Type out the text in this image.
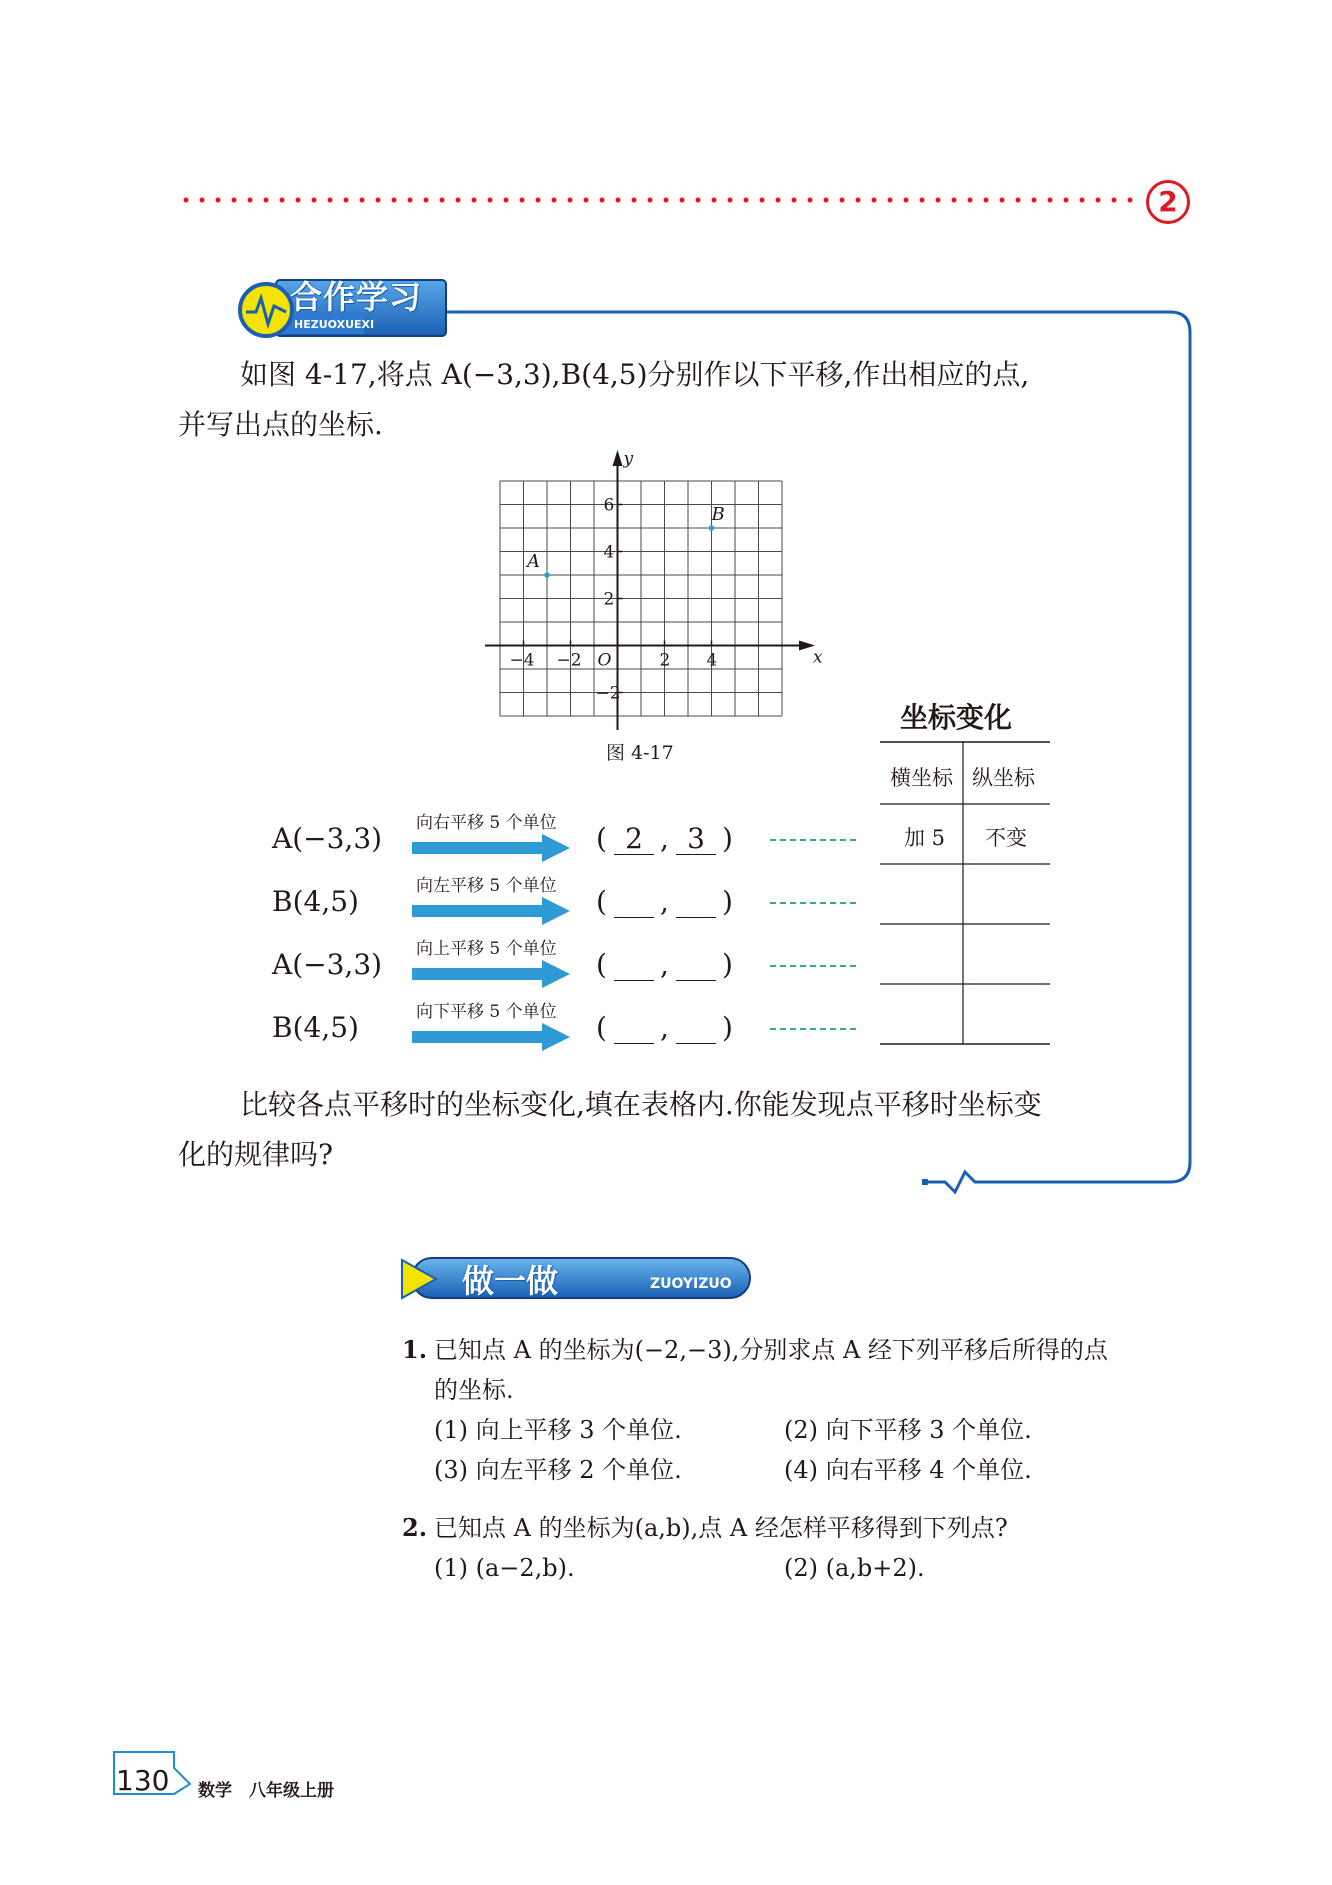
2
合作学习
HEZUOXUEXI
如图 4-17,将点 A(−3,3),B(4,5)分别作以下平移,作出相应的点,
并写出点的坐标.
x
y
O
−4 −2	2 4
6
4
2
−2
A
B
图 4-17
A(−3,3) 向右平移 5 个单位 ( 2 , 3 )
B(4,5)	向左平移 5 个单位 ( , )
A(−3,3) 向上平移 5 个单位 ( , )
B(4,5)	向下平移 5 个单位 ( , )
坐标变化
横坐标 纵坐标
加 5 不变
比较各点平移时的坐标变化,填在表格内.你能发现点平移时坐标变
化的规律吗?
做一做	ZUOYIZUO
1. 已知点 A 的坐标为(−2,−3),分别求点 A 经下列平移后所得的点
的坐标.
(1) 向上平移 3 个单位.	(2) 向下平移 3 个单位.
(3) 向左平移 2 个单位.	(4) 向右平移 4 个单位.
2. 已知点 A 的坐标为(a,b),点 A 经怎样平移得到下列点?
(1) (a−2,b).	(2) (a,b+2).
130 数学　八年级上册
